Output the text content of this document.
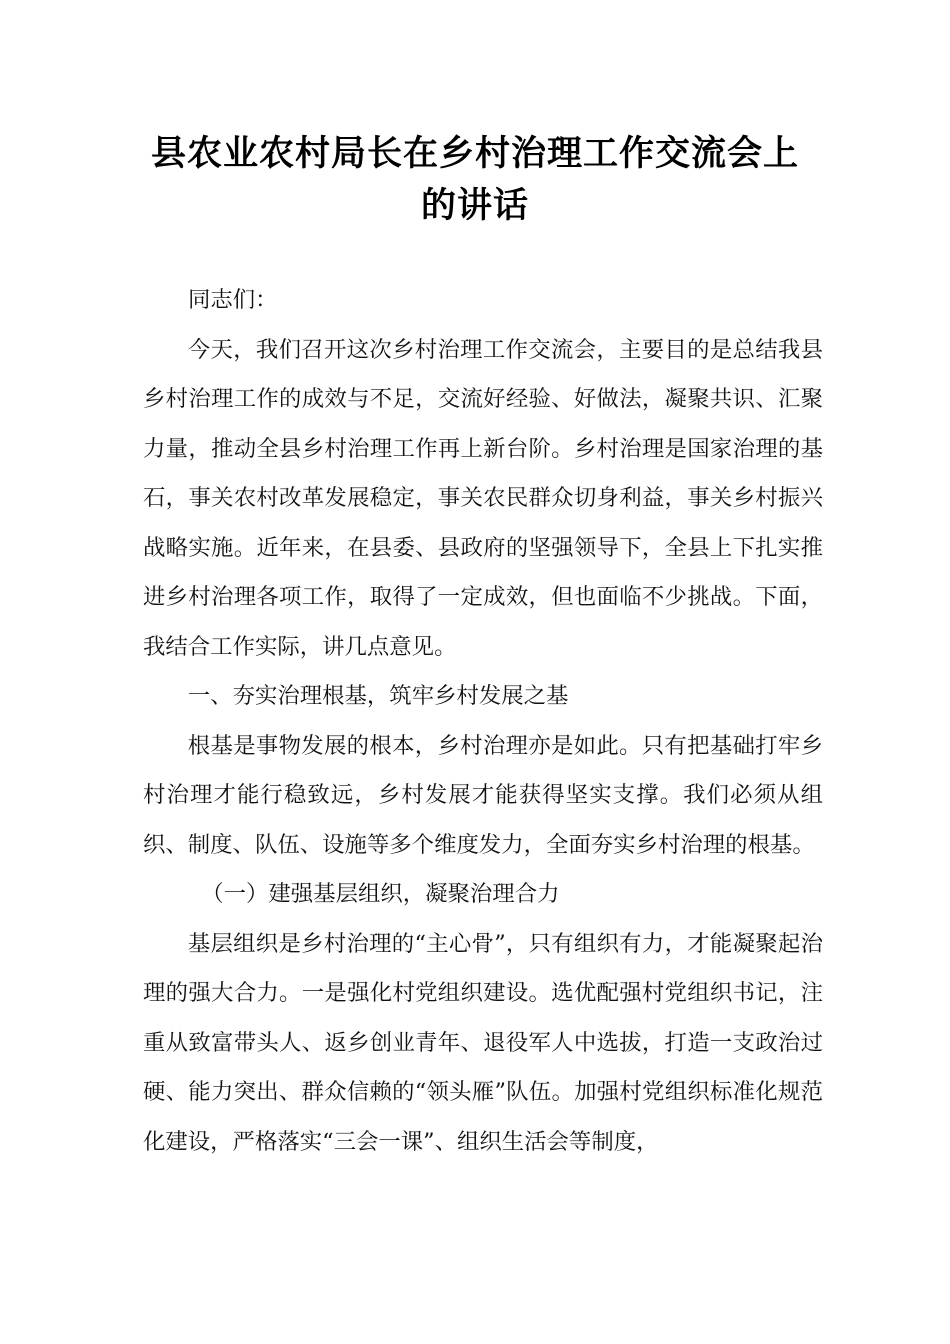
县农业农村局长在乡村治理工作交流会上
的讲话

同志们：

今天，我们召开这次乡村治理工作交流会，主要目的是总结我县乡村治理工作的成效与不足，交流好经验、好做法，凝聚共识、汇聚力量，推动全县乡村治理工作再上新台阶。乡村治理是国家治理的基石，事关农村改革发展稳定，事关农民群众切身利益，事关乡村振兴战略实施。近年来，在县委、县政府的坚强领导下，全县上下扎实推进乡村治理各项工作，取得了一定成效，但也面临不少挑战。下面，我结合工作实际，讲几点意见。

一、夯实治理根基，筑牢乡村发展之基

根基是事物发展的根本，乡村治理亦是如此。只有把基础打牢乡村治理才能行稳致远，乡村发展才能获得坚实支撑。我们必须从组织、制度、队伍、设施等多个维度发力，全面夯实乡村治理的根基。

（一）建强基层组织，凝聚治理合力

基层组织是乡村治理的“主心骨”，只有组织有力，才能凝聚起治理的强大合力。一是强化村党组织建设。选优配强村党组织书记，注重从致富带头人、返乡创业青年、退役军人中选拔，打造一支政治过硬、能力突出、群众信赖的“领头雁”队伍。加强村党组织标准化规范化建设，严格落实“三会一课”、组织生活会等制度，
